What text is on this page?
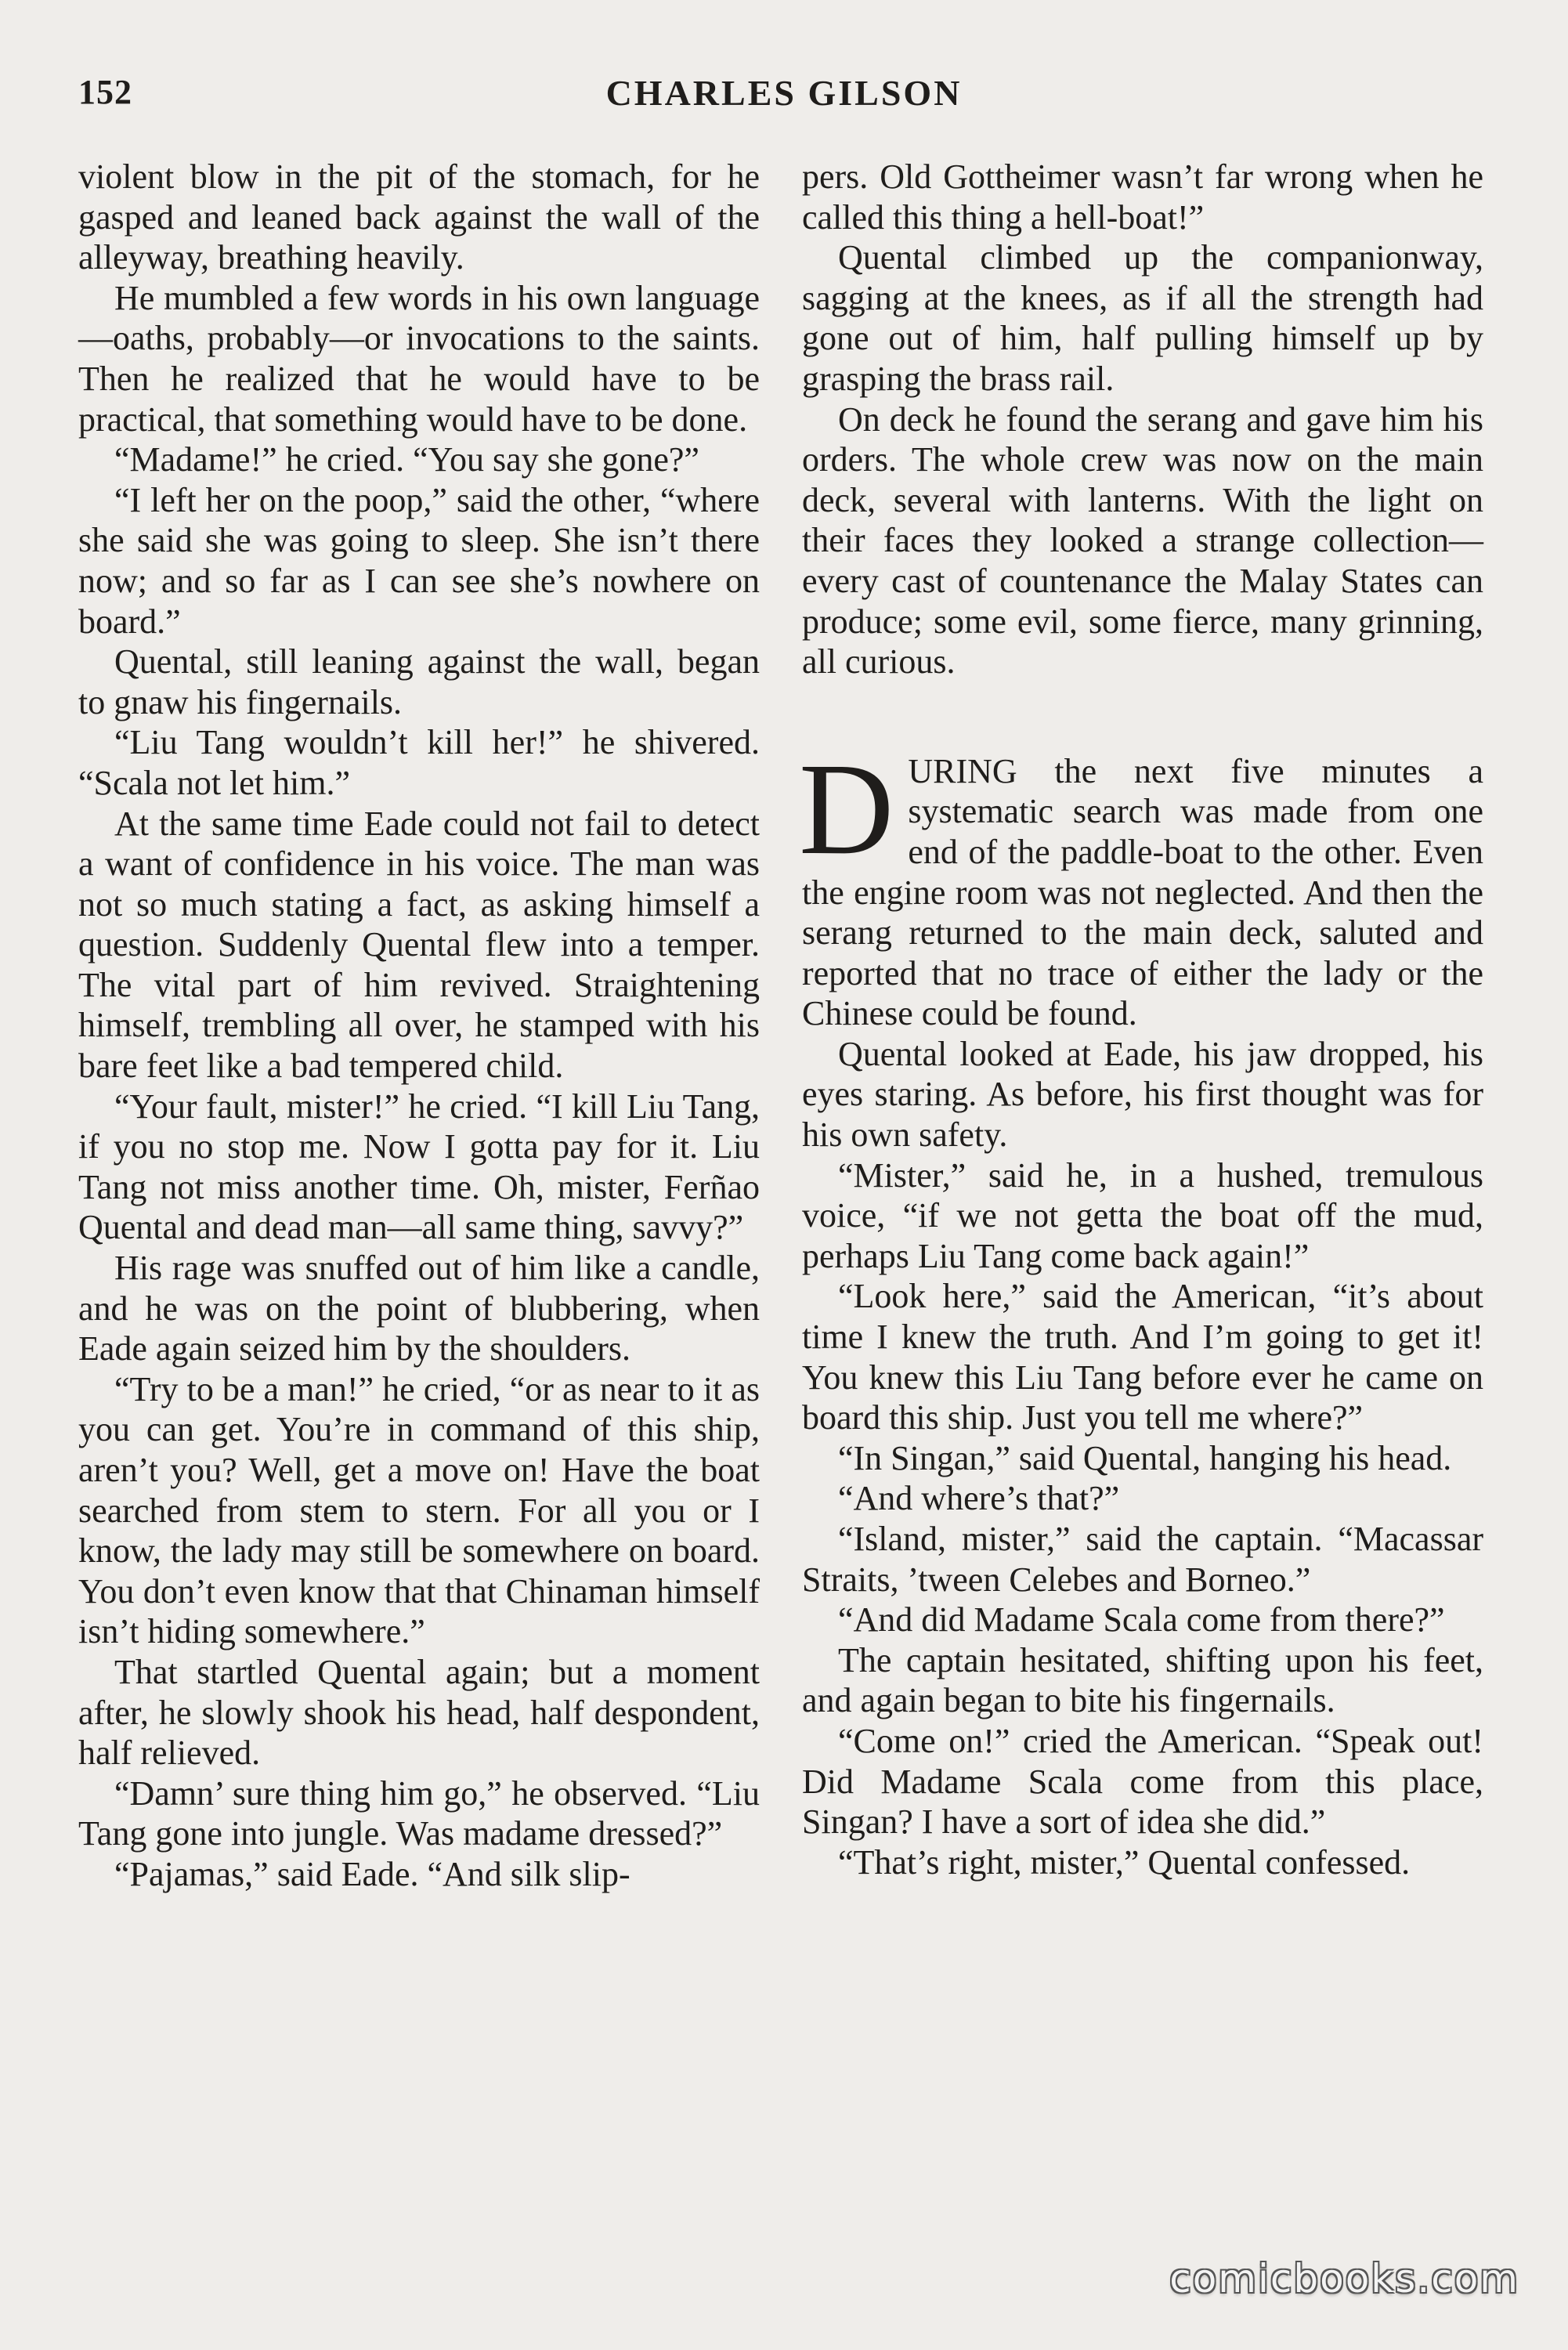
152	CHARLES GILSON

violent blow in the pit of the stomach, for he gasped and leaned back against the wall of the alleyway, breathing heavily.

He mumbled a few words in his own language—oaths, probably—or invocations to the saints. Then he realized that he would have to be practical, that something would have to be done.

“Madame!” he cried. “You say she gone?”

“I left her on the poop,” said the other, “where she said she was going to sleep. She isn’t there now; and so far as I can see she’s nowhere on board.”

Quental, still leaning against the wall, began to gnaw his fingernails.

“Liu Tang wouldn’t kill her!” he shivered. “Scala not let him.”

At the same time Eade could not fail to detect a want of confidence in his voice. The man was not so much stating a fact, as asking himself a question. Suddenly Quental flew into a temper. The vital part of him revived. Straightening himself, trembling all over, he stamped with his bare feet like a bad tempered child.

“Your fault, mister!” he cried. “I kill Liu Tang, if you no stop me. Now I gotta pay for it. Liu Tang not miss another time. Oh, mister, Ferñao Quental and dead man—all same thing, savvy?”

His rage was snuffed out of him like a candle, and he was on the point of blubbering, when Eade again seized him by the shoulders.

“Try to be a man!” he cried, “or as near to it as you can get. You’re in command of this ship, aren’t you? Well, get a move on! Have the boat searched from stem to stern. For all you or I know, the lady may still be somewhere on board. You don’t even know that that Chinaman himself isn’t hiding somewhere.”

That startled Quental again; but a moment after, he slowly shook his head, half despondent, half relieved.

“Damn’ sure thing him go,” he observed. “Liu Tang gone into jungle. Was madame dressed?”

“Pajamas,” said Eade. “And silk slip-

pers. Old Gottheimer wasn’t far wrong when he called this thing a hell-boat!”

Quental climbed up the companionway, sagging at the knees, as if all the strength had gone out of him, half pulling himself up by grasping the brass rail.

On deck he found the serang and gave him his orders. The whole crew was now on the main deck, several with lanterns. With the light on their faces they looked a strange collection—every cast of countenance the Malay States can produce; some evil, some fierce, many grinning, all curious.

DURING the next five minutes a systematic search was made from one end of the paddle-boat to the other. Even the engine room was not neglected. And then the serang returned to the main deck, saluted and reported that no trace of either the lady or the Chinese could be found.

Quental looked at Eade, his jaw dropped, his eyes staring. As before, his first thought was for his own safety.

“Mister,” said he, in a hushed, tremulous voice, “if we not getta the boat off the mud, perhaps Liu Tang come back again!”

“Look here,” said the American, “it’s about time I knew the truth. And I’m going to get it! You knew this Liu Tang before ever he came on board this ship. Just you tell me where?”

“In Singan,” said Quental, hanging his head.

“And where’s that?”

“Island, mister,” said the captain. “Macassar Straits, ’tween Celebes and Borneo.”

“And did Madame Scala come from there?”

The captain hesitated, shifting upon his feet, and again began to bite his fingernails.

“Come on!” cried the American. “Speak out! Did Madame Scala come from this place, Singan? I have a sort of idea she did.”

“That’s right, mister,” Quental confessed.

comicbooks.com
